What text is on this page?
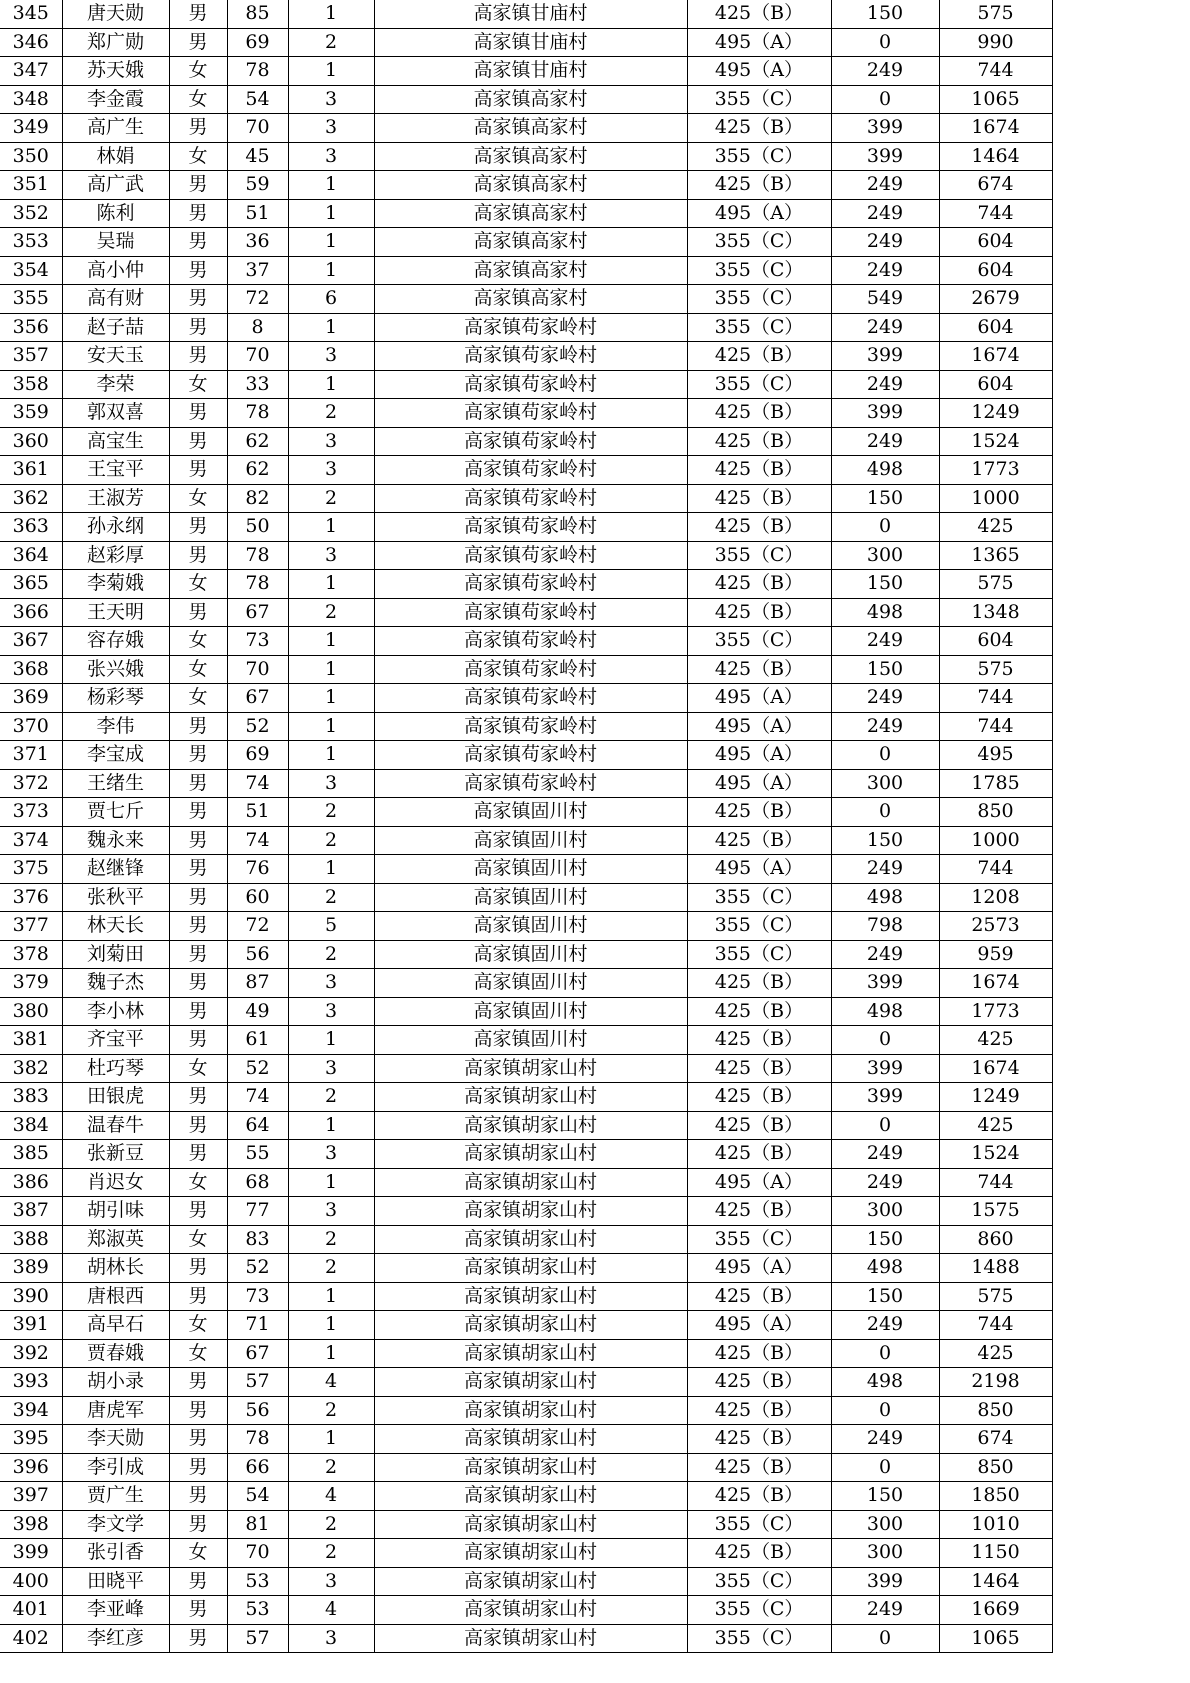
345	唐天勋	男	85	1	高家镇甘庙村	425（B）	150	575
346	郑广勋	男	69	2	高家镇甘庙村	495（A）	0	990
347	苏天娥	女	78	1	高家镇甘庙村	495（A）	249	744
348	李金霞	女	54	3	高家镇高家村	355（C）	0	1065
349	高广生	男	70	3	高家镇高家村	425（B）	399	1674
350	林娟	女	45	3	高家镇高家村	355（C）	399	1464
351	高广武	男	59	1	高家镇高家村	425（B）	249	674
352	陈利	男	51	1	高家镇高家村	495（A）	249	744
353	吴瑞	男	36	1	高家镇高家村	355（C）	249	604
354	高小仲	男	37	1	高家镇高家村	355（C）	249	604
355	高有财	男	72	6	高家镇高家村	355（C）	549	2679
356	赵子喆	男	8	1	高家镇苟家岭村	355（C）	249	604
357	安天玉	男	70	3	高家镇苟家岭村	425（B）	399	1674
358	李荣	女	33	1	高家镇苟家岭村	355（C）	249	604
359	郭双喜	男	78	2	高家镇苟家岭村	425（B）	399	1249
360	高宝生	男	62	3	高家镇苟家岭村	425（B）	249	1524
361	王宝平	男	62	3	高家镇苟家岭村	425（B）	498	1773
362	王淑芳	女	82	2	高家镇苟家岭村	425（B）	150	1000
363	孙永纲	男	50	1	高家镇苟家岭村	425（B）	0	425
364	赵彩厚	男	78	3	高家镇苟家岭村	355（C）	300	1365
365	李菊娥	女	78	1	高家镇苟家岭村	425（B）	150	575
366	王天明	男	67	2	高家镇苟家岭村	425（B）	498	1348
367	容存娥	女	73	1	高家镇苟家岭村	355（C）	249	604
368	张兴娥	女	70	1	高家镇苟家岭村	425（B）	150	575
369	杨彩琴	女	67	1	高家镇苟家岭村	495（A）	249	744
370	李伟	男	52	1	高家镇苟家岭村	495（A）	249	744
371	李宝成	男	69	1	高家镇苟家岭村	495（A）	0	495
372	王绪生	男	74	3	高家镇苟家岭村	495（A）	300	1785
373	贾七斤	男	51	2	高家镇固川村	425（B）	0	850
374	魏永来	男	74	2	高家镇固川村	425（B）	150	1000
375	赵继锋	男	76	1	高家镇固川村	495（A）	249	744
376	张秋平	男	60	2	高家镇固川村	355（C）	498	1208
377	林天长	男	72	5	高家镇固川村	355（C）	798	2573
378	刘菊田	男	56	2	高家镇固川村	355（C）	249	959
379	魏子杰	男	87	3	高家镇固川村	425（B）	399	1674
380	李小林	男	49	3	高家镇固川村	425（B）	498	1773
381	齐宝平	男	61	1	高家镇固川村	425（B）	0	425
382	杜巧琴	女	52	3	高家镇胡家山村	425（B）	399	1674
383	田银虎	男	74	2	高家镇胡家山村	425（B）	399	1249
384	温春牛	男	64	1	高家镇胡家山村	425（B）	0	425
385	张新豆	男	55	3	高家镇胡家山村	425（B）	249	1524
386	肖迟女	女	68	1	高家镇胡家山村	495（A）	249	744
387	胡引味	男	77	3	高家镇胡家山村	425（B）	300	1575
388	郑淑英	女	83	2	高家镇胡家山村	355（C）	150	860
389	胡林长	男	52	2	高家镇胡家山村	495（A）	498	1488
390	唐根西	男	73	1	高家镇胡家山村	425（B）	150	575
391	高早石	女	71	1	高家镇胡家山村	495（A）	249	744
392	贾春娥	女	67	1	高家镇胡家山村	425（B）	0	425
393	胡小录	男	57	4	高家镇胡家山村	425（B）	498	2198
394	唐虎军	男	56	2	高家镇胡家山村	425（B）	0	850
395	李天勋	男	78	1	高家镇胡家山村	425（B）	249	674
396	李引成	男	66	2	高家镇胡家山村	425（B）	0	850
397	贾广生	男	54	4	高家镇胡家山村	425（B）	150	1850
398	李文学	男	81	2	高家镇胡家山村	355（C）	300	1010
399	张引香	女	70	2	高家镇胡家山村	425（B）	300	1150
400	田晓平	男	53	3	高家镇胡家山村	355（C）	399	1464
401	李亚峰	男	53	4	高家镇胡家山村	355（C）	249	1669
402	李红彦	男	57	3	高家镇胡家山村	355（C）	0	1065
